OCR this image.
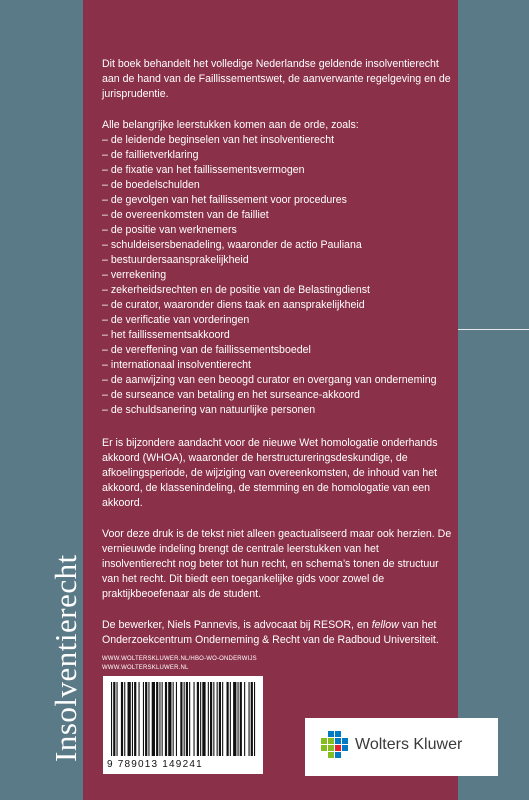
Insolventierecht

Dit boek behandelt het volledige Nederlandse geldende insolventierecht aan de hand van de Faillissementswet, de aanverwante regelgeving en de jurisprudentie.

Alle belangrijke leerstukken komen aan de orde, zoals:

– de leidende beginselen van het insolventierecht
– de faillietverklaring
– de fixatie van het faillissementsvermogen
– de boedelschulden
– de gevolgen van het faillissement voor procedures
– de overeenkomsten van de failliet
– de positie van werknemers
– schuldeisersbenadeling, waaronder de actio Pauliana
– bestuurdersaansprakelijkheid
– verrekening
– zekerheidsrechten en de positie van de Belastingdienst
– de curator, waaronder diens taak en aansprakelijkheid
– de verificatie van vorderingen
– het faillissementsakkoord
– de vereffening van de faillissementsboedel
– internationaal insolventierecht
– de aanwijzing van een beoogd curator en overgang van onderneming
– de surseance van betaling en het surseance-akkoord
– de schuldsanering van natuurlijke personen

Er is bijzondere aandacht voor de nieuwe Wet homologatie onderhands akkoord (WHOA), waaronder de herstructureringsdeskundige, de afkoelingsperiode, de wijziging van overeenkomsten, de inhoud van het akkoord, de klassenindeling, de stemming en de homologatie van een akkoord.

Voor deze druk is de tekst niet alleen geactualiseerd maar ook herzien. De vernieuwde indeling brengt de centrale leerstukken van het insolventierecht nog beter tot hun recht, en schema’s tonen de structuur van het recht. Dit biedt een toegankelijke gids voor zowel de praktijkbeoefenaar als de student.

De bewerker, Niels Pannevis, is advocaat bij RESOR, en fellow van het Onderzoekcentrum Onderneming & Recht van de Radboud Universiteit.

WWW.WOLTERSKLUWER.NL/HBO-WO-ONDERWIJS
WWW.WOLTERSKLUWER.NL
9 789013 149241
Wolters Kluwer
